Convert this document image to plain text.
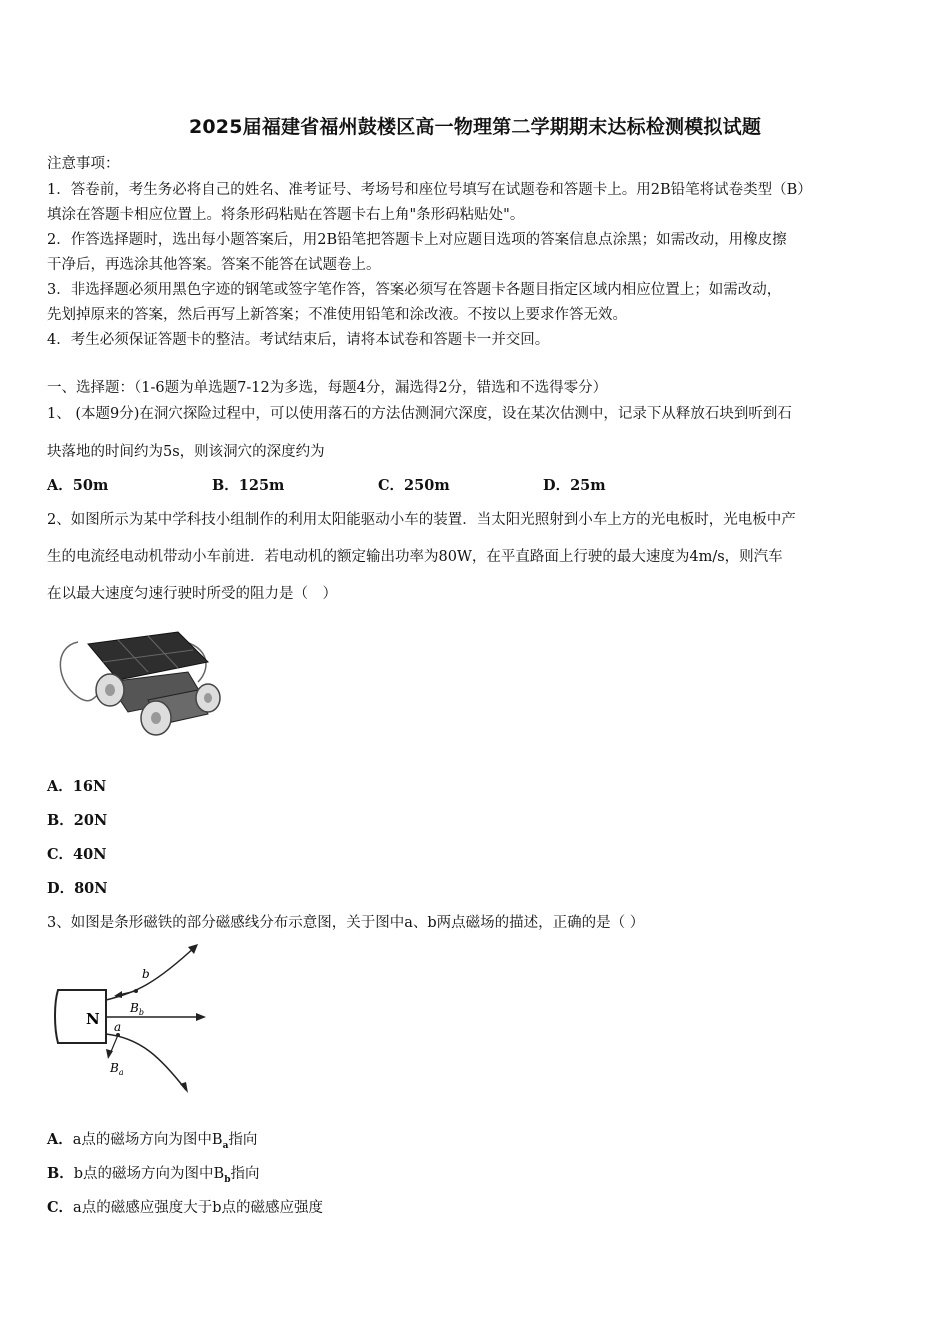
2025届福建省福州鼓楼区高一物理第二学期期末达标检测模拟试题
注意事项：
1．答卷前，考生务必将自己的姓名、准考证号、考场号和座位号填写在试题卷和答题卡上。用2B铅笔将试卷类型（B）
填涂在答题卡相应位置上。将条形码粘贴在答题卡右上角"条形码粘贴处"。
2．作答选择题时，选出每小题答案后，用2B铅笔把答题卡上对应题目选项的答案信息点涂黑；如需改动，用橡皮擦
干净后，再选涂其他答案。答案不能答在试题卷上。
3．非选择题必须用黑色字迹的钢笔或签字笔作答，答案必须写在答题卡各题目指定区域内相应位置上；如需改动，
先划掉原来的答案，然后再写上新答案；不准使用铅笔和涂改液。不按以上要求作答无效。
4．考生必须保证答题卡的整洁。考试结束后，请将本试卷和答题卡一并交回。
一、选择题：（1-6题为单选题7-12为多选，每题4分，漏选得2分，错选和不选得零分）
1、 (本题9分)在洞穴探险过程中，可以使用落石的方法估测洞穴深度，设在某次估测中，记录下从释放石块到听到石
块落地的时间约为5s，则该洞穴的深度约为
A．50m	B．125m	C．250m	D．25m
2、如图所示为某中学科技小组制作的利用太阳能驱动小车的装置．当太阳光照射到小车上方的光电板时，光电板中产
生的电流经电动机带动小车前进．若电动机的额定输出功率为80W，在平直路面上行驶的最大速度为4m/s，则汽车
在以最大速度匀速行驶时所受的阻力是（　）
A．16N
B．20N
C．40N
D．80N
3、如图是条形磁铁的部分磁感线分布示意图，关于图中a、b两点磁场的描述，正确的是（ ）
N
b
$B_b$
a
$B_a$
A．a点的磁场方向为图中$B_a$指向
B．b点的磁场方向为图中$B_b$指向
C．a点的磁感应强度大于b点的磁感应强度
